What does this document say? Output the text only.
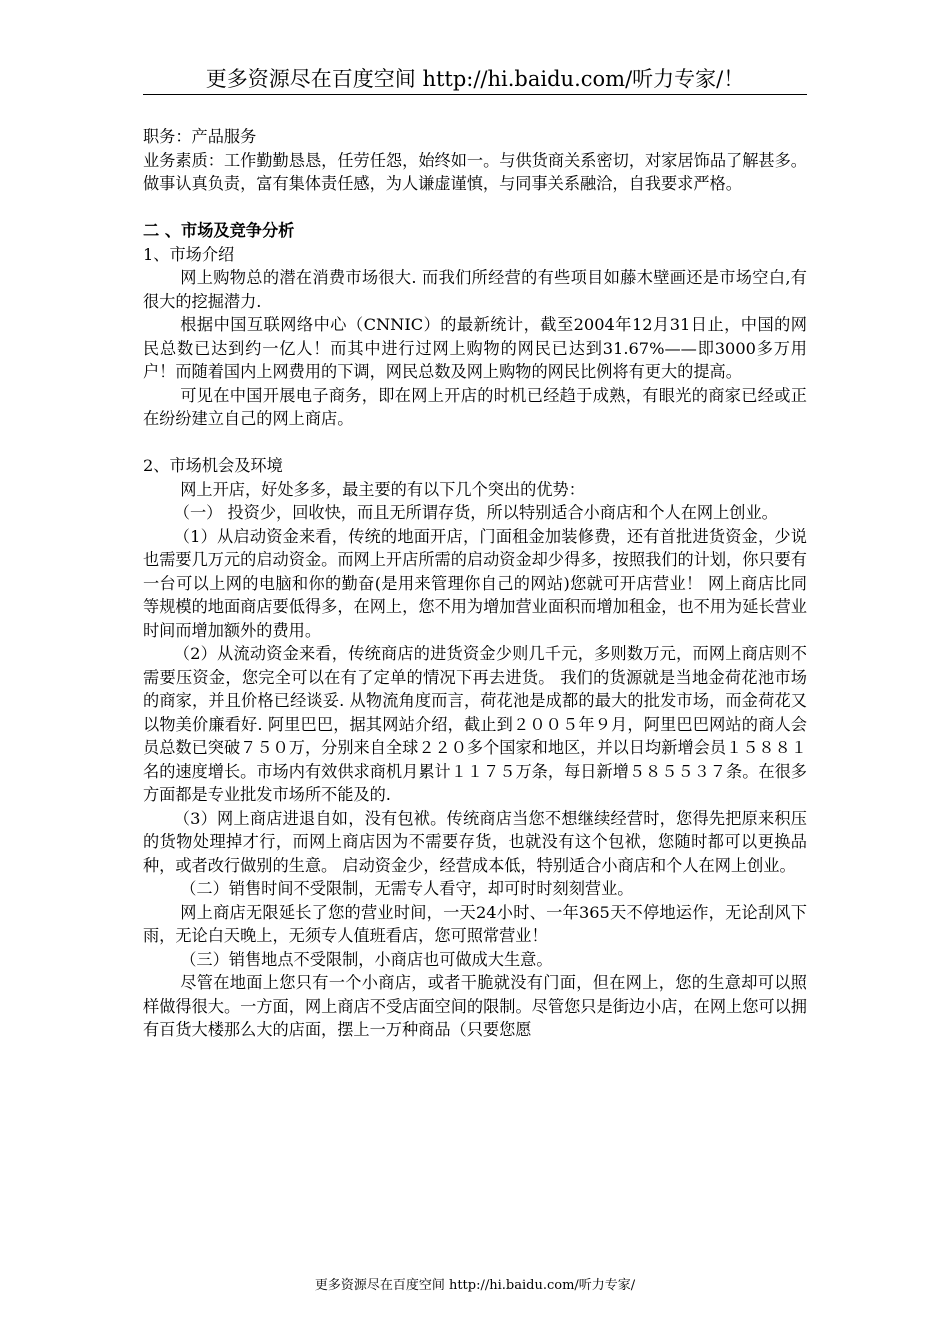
更多资源尽在百度空间 http://hi.baidu.com/听力专家/！

职务：产品服务

业务素质：工作勤勤恳恳，任劳任怨，始终如一。与供货商关系密切，对家居饰品了解甚多。做事认真负责，富有集体责任感，为人谦虚谨慎，与同事关系融洽，自我要求严格。

二 、市场及竞争分析

1、市场介绍

网上购物总的潜在消费市场很大. 而我们所经营的有些项目如藤木壁画还是市场空白,有很大的挖掘潜力.

根据中国互联网络中心（CNNIC）的最新统计，截至2004年12月31日止，中国的网民总数已达到约一亿人！而其中进行过网上购物的网民已达到31.67%——即3000多万用户！而随着国内上网费用的下调，网民总数及网上购物的网民比例将有更大的提高。

可见在中国开展电子商务，即在网上开店的时机已经趋于成熟，有眼光的商家已经或正在纷纷建立自己的网上商店。

2、市场机会及环境

网上开店，好处多多，最主要的有以下几个突出的优势：

（一） 投资少，回收快，而且无所谓存货，所以特别适合小商店和个人在网上创业。

（1）从启动资金来看，传统的地面开店，门面租金加装修费，还有首批进货资金，少说也需要几万元的启动资金。而网上开店所需的启动资金却少得多，按照我们的计划，你只要有一台可以上网的电脑和你的勤奋(是用来管理你自己的网站)您就可开店营业！ 网上商店比同等规模的地面商店要低得多，在网上，您不用为增加营业面积而增加租金，也不用为延长营业时间而增加额外的费用。

（2）从流动资金来看，传统商店的进货资金少则几千元，多则数万元，而网上商店则不需要压资金，您完全可以在有了定单的情况下再去进货。 我们的货源就是当地金荷花池市场的商家，并且价格已经谈妥. 从物流角度而言，荷花池是成都的最大的批发市场，而金荷花又以物美价廉看好. 阿里巴巴，据其网站介绍，截止到２００５年９月，阿里巴巴网站的商人会员总数已突破７５０万，分别来自全球２２０多个国家和地区，并以日均新增会员１５８８１名的速度增长。市场内有效供求商机月累计１１７５万条，每日新增５８５５３７条。在很多方面都是专业批发市场所不能及的.

（3）网上商店进退自如，没有包袱。传统商店当您不想继续经营时，您得先把原来积压的货物处理掉才行，而网上商店因为不需要存货，也就没有这个包袱，您随时都可以更换品种，或者改行做别的生意。 启动资金少，经营成本低，特别适合小商店和个人在网上创业。

（二）销售时间不受限制，无需专人看守，却可时时刻刻营业。

网上商店无限延长了您的营业时间，一天24小时、一年365天不停地运作，无论刮风下雨，无论白天晚上，无须专人值班看店，您可照常营业！

（三）销售地点不受限制，小商店也可做成大生意。

尽管在地面上您只有一个小商店，或者干脆就没有门面，但在网上，您的生意却可以照样做得很大。一方面，网上商店不受店面空间的限制。尽管您只是街边小店，在网上您可以拥有百货大楼那么大的店面，摆上一万种商品（只要您愿

更多资源尽在百度空间 http://hi.baidu.com/听力专家/
